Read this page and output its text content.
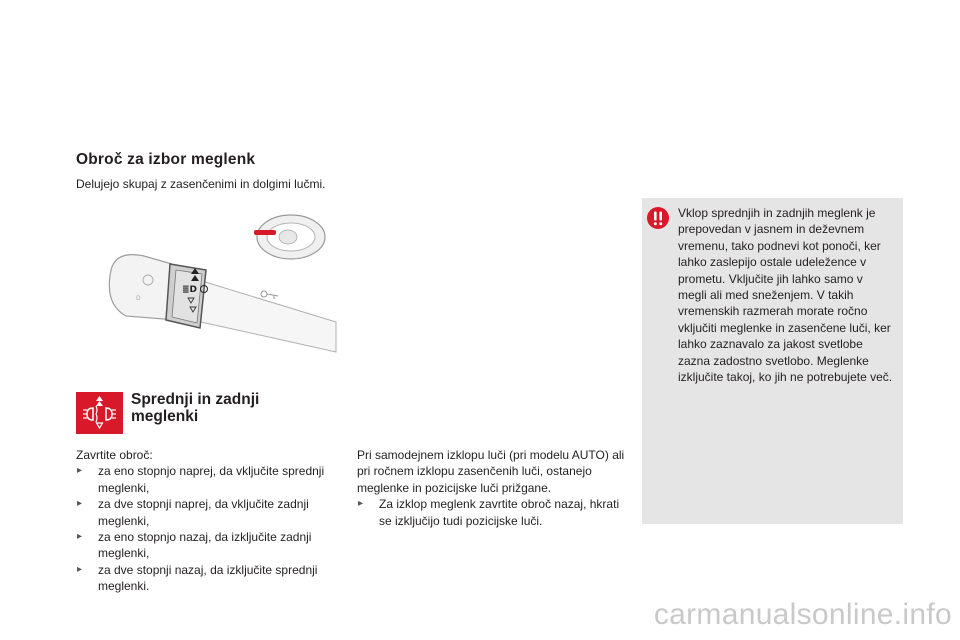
Obroč za izbor meglenk
Delujejo skupaj z zasenčenimi in dolgimi lučmi.
≣D
D
Sprednji in zadnji meglenki
Zavrtite obroč:
▸ za eno stopnjo naprej, da vključite sprednji meglenki,
▸ za dve stopnji naprej, da vključite zadnji meglenki,
▸ za eno stopnjo nazaj, da izključite zadnji meglenki,
▸ za dve stopnji nazaj, da izključite sprednji meglenki.
Pri samodejnem izklopu luči (pri modelu AUTO) ali pri ročnem izklopu zasenčenih luči, ostanejo meglenke in pozicijske luči prižgane.
▸ Za izklop meglenk zavrtite obroč nazaj, hkrati se izključijo tudi pozicijske luči.
Vklop sprednjih in zadnjih meglenk je prepovedan v jasnem in deževnem vremenu, tako podnevi kot ponoči, ker lahko zaslepijo ostale udeležence v prometu. Vključite jih lahko samo v megli ali med sneženjem. V takih vremenskih razmerah morate ročno vključiti meglenke in zasenčene luči, ker lahko zaznavalo za jakost svetlobe zazna zadostno svetlobo. Meglenke izključite takoj, ko jih ne potrebujete več.
carmanualsonline.info
